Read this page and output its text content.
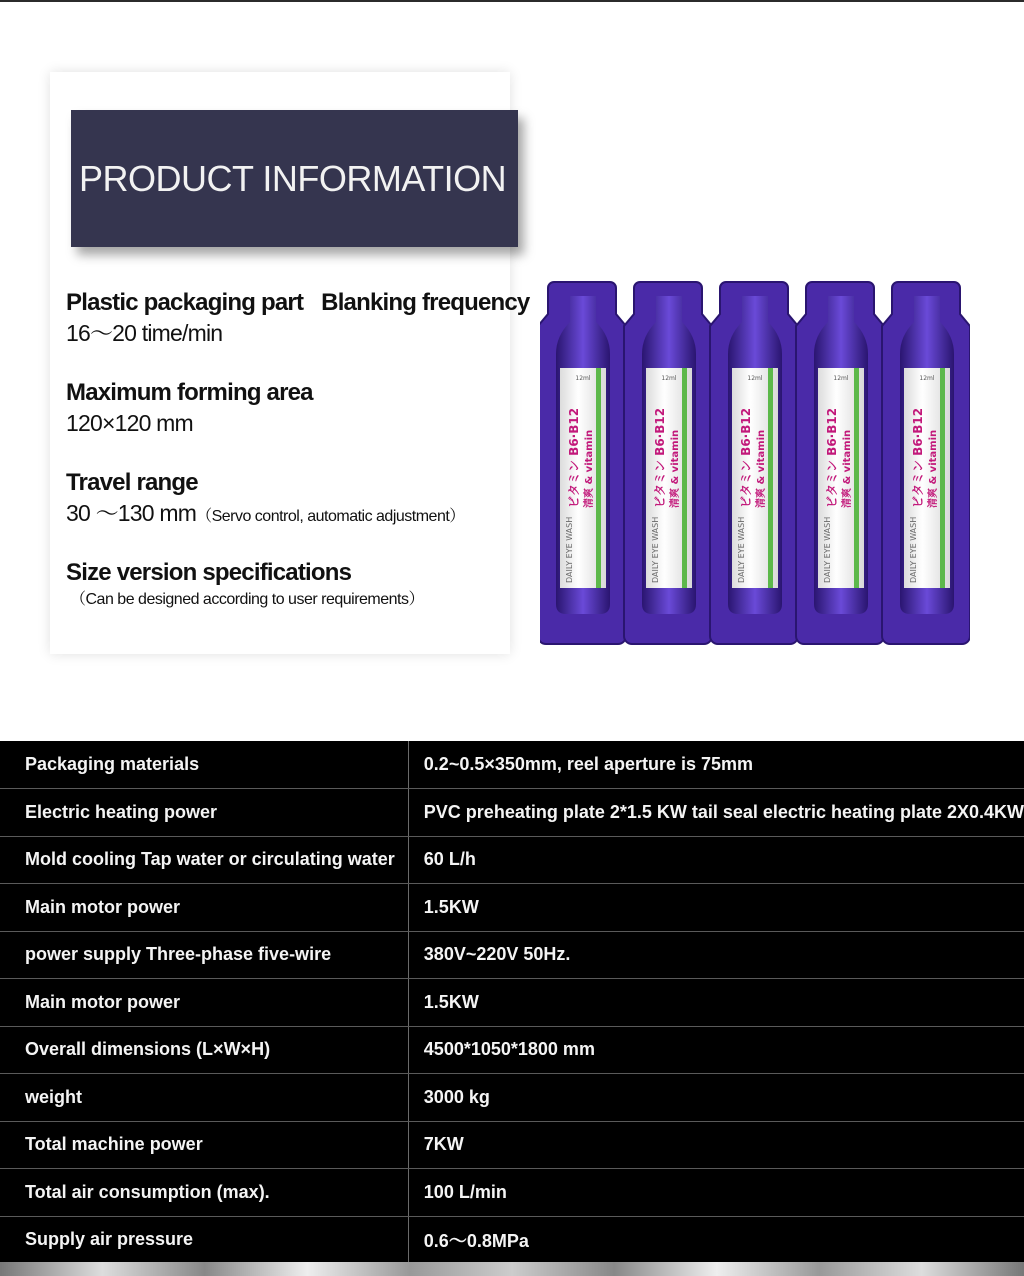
PRODUCT INFORMATION
Plastic packaging part Blanking frequency
16～20 time/min
Maximum forming area
120×120 mm
Travel range
30 ～130 mm（Servo control, automatic adjustment）
Size version specifications
（Can be designed according to user requirements）
12ml
ビタミン B6·B12 清爽 & vitamin
DAILY EYE WASH
12ml
ビタミン B6·B12 清爽 & vitamin
DAILY EYE WASH
12ml
ビタミン B6·B12 清爽 & vitamin
DAILY EYE WASH
12ml
ビタミン B6·B12 清爽 & vitamin
DAILY EYE WASH
12ml
ビタミン B6·B12 清爽 & vitamin
DAILY EYE WASH
Packaging materials	0.2~0.5×350mm, reel aperture is 75mm
Electric heating power	PVC preheating plate 2*1.5 KW tail seal electric heating plate 2X0.4KW
Mold cooling Tap water or circulating water	60 L/h
Main motor power	1.5KW
power supply Three-phase five-wire	380V~220V 50Hz.
Main motor power	1.5KW
Overall dimensions (L×W×H)	4500*1050*1800 mm
weight	3000 kg
Total machine power	7KW
Total air consumption (max).	100 L/min
Supply air pressure	0.6～0.8MPa
